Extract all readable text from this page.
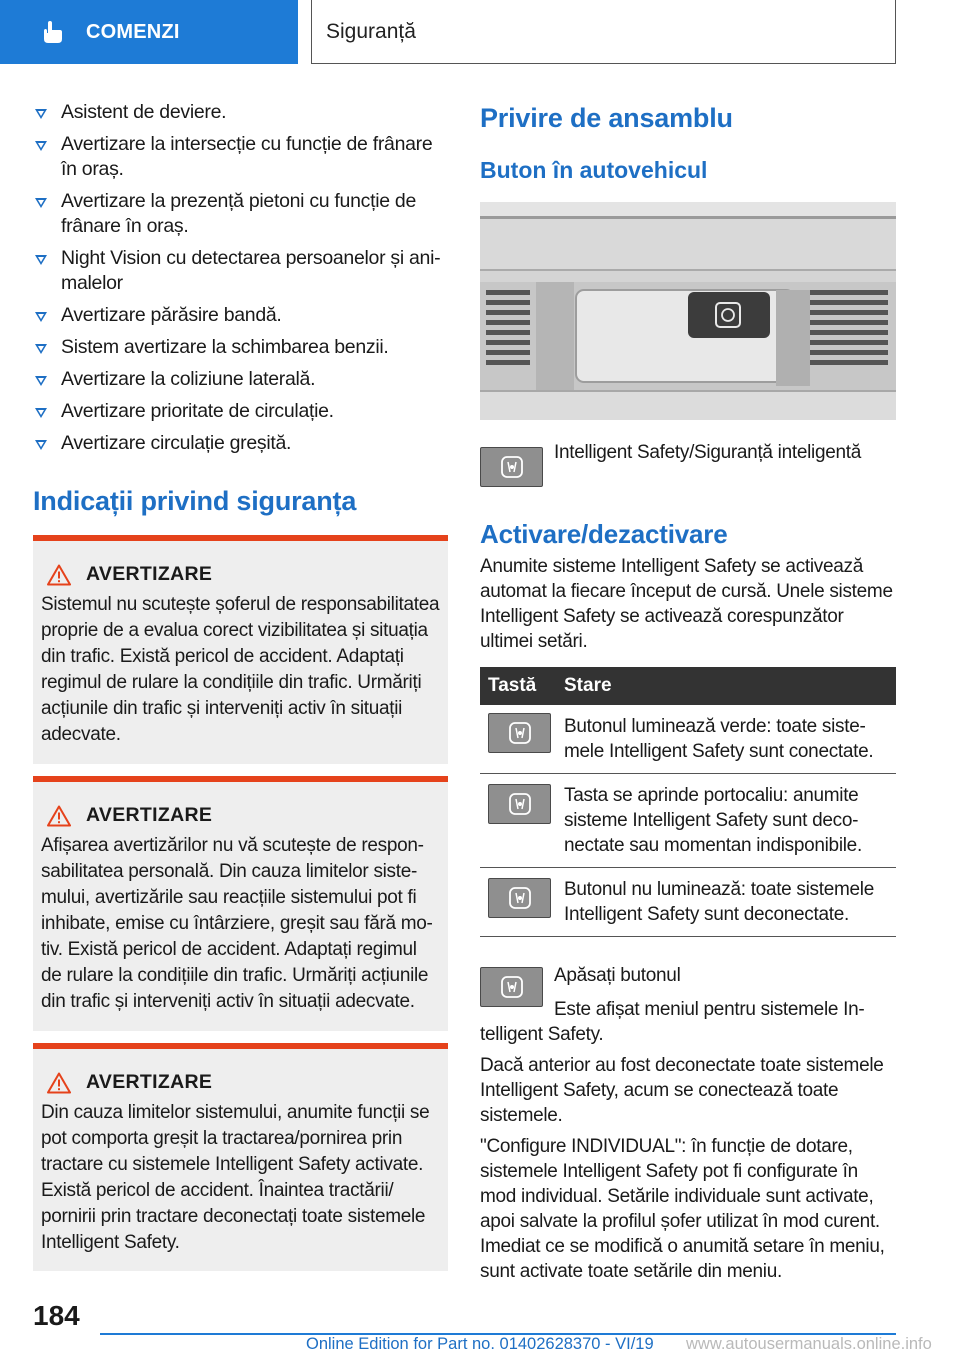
COMENZI	Siguranță
Asistent de deviere.
Avertizare la intersecție cu funcție de frânare în oraș.
Avertizare la prezență pietoni cu funcție de frânare în oraș.
Night Vision cu detectarea persoanelor și animalelor
Avertizare părăsire bandă.
Sistem avertizare la schimbarea benzii.
Avertizare la coliziune laterală.
Avertizare prioritate de circulație.
Avertizare circulație greșită.
Indicații privind siguranța
AVERTIZARE
Sistemul nu scutește șoferul de responsabilitatea proprie de a evalua corect vizibilitatea și situația din trafic. Există pericol de accident. Adaptați regimul de rulare la condițiile din trafic. Urmăriți acțiunile din trafic și interveniți activ în situații adecvate.
AVERTIZARE
Afișarea avertizărilor nu vă scutește de responsabilitatea personală. Din cauza limitelor sistemului, avertizările sau reacțiile sistemului pot fi inhibate, emise cu întârziere, greșit sau fără motiv. Există pericol de accident. Adaptați regimul de rulare la condițiile din trafic. Urmăriți acțiunile din trafic și interveniți activ în situații adecvate.
AVERTIZARE
Din cauza limitelor sistemului, anumite funcții se pot comporta greșit la tractarea/pornirea prin tractare cu sistemele Intelligent Safety activate. Există pericol de accident. Înaintea tractării/ pornirii prin tractare deconectați toate sistemele Intelligent Safety.
Privire de ansamblu
Buton în autovehicul
Intelligent Safety/Siguranță inteligentă
Activare/dezactivare
Anumite sisteme Intelligent Safety se activează automat la fiecare început de cursă. Unele sisteme Intelligent Safety se activează corespunzător ultimei setări.
Tastă	Stare

	Butonul luminează verde: toate sistemele Intelligent Safety sunt conectate.

	Tasta se aprinde portocaliu: anumite sisteme Intelligent Safety sunt deconectate sau momentan indisponibile.

	Butonul nu luminează: toate sistemele Intelligent Safety sunt deconectate.
Apăsați butonul
Este afișat meniul pentru sistemele Intelligent Safety.
Dacă anterior au fost deconectate toate sistemele Intelligent Safety, acum se conectează toate sistemele.
"Configure INDIVIDUAL": în funcție de dotare, sistemele Intelligent Safety pot fi configurate în mod individual. Setările individuale sunt activate, apoi salvate la profilul șofer utilizat în mod curent. Imediat ce se modifică o anumită setare în meniu, sunt activate toate setările din meniu.
184
Online Edition for Part no. 01402628370 - VI/19 www.autousermanuals.online.info
